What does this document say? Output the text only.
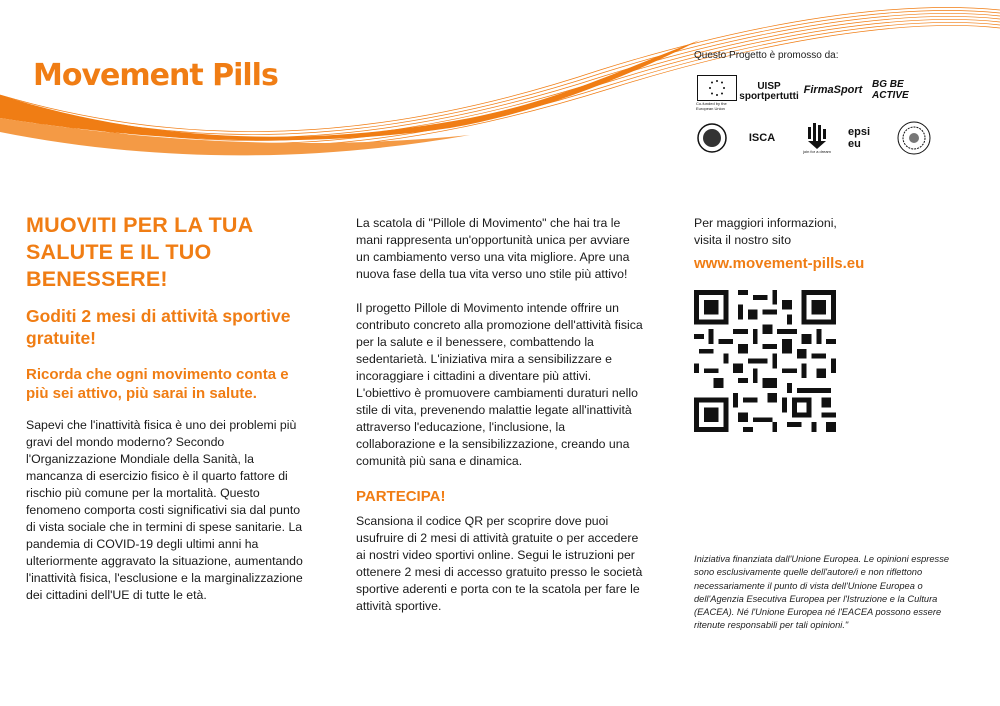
Movement Pills
Questo Progetto è promosso da:
Co-funded by the European Union
UISP sportpertutti
FirmaSport BG BE ACTIVE
ISCA
join for a dream
epsi eu
MUOVITI PER LA TUA SALUTE E IL TUO BENESSERE!
Goditi 2 mesi di attività sportive gratuite!
Ricorda che ogni movimento conta e più sei attivo, più sarai in salute.

Sapevi che l'inattività fisica è uno dei problemi più gravi del mondo moderno? Secondo l'Organizzazione Mondiale della Sanità, la mancanza di esercizio fisico è il quarto fattore di rischio più comune per la mortalità. Questo fenomeno comporta costi significativi sia dal punto di vista sociale che in termini di spese sanitarie. La pandemia di COVID-19 degli ultimi anni ha ulteriormente aggravato la situazione, aumentando l'inattività fisica, l'esclusione e la marginalizzazione dei cittadini dell'UE di tutte le età.

La scatola di "Pillole di Movimento" che hai tra le mani rappresenta un'opportunità unica per avviare un cambiamento verso una vita migliore. Apre una nuova fase della tua vita verso uno stile più attivo!

Il progetto Pillole di Movimento intende offrire un contributo concreto alla promozione dell'attività fisica per la salute e il benessere, combattendo la sedentarietà. L'iniziativa mira a sensibilizzare e incoraggiare i cittadini a diventare più attivi. L'obiettivo è promuovere cambiamenti duraturi nello stile di vita, prevenendo malattie legate all'inattività attraverso l'educazione, l'inclusione, la collaborazione e la sensibilizzazione, creando una comunità più sana e dinamica.

PARTECIPA!

Scansiona il codice QR per scoprire dove puoi usufruire di 2 mesi di attività gratuite o per accedere ai nostri video sportivi online. Segui le istruzioni per ottenere 2 mesi di accesso gratuito presso le società sportive aderenti e porta con te la scatola per fare le attività sportive.

Per maggiori informazioni,

visita il nostro sito

www.movement-pills.eu

Iniziativa finanziata dall'Unione Europea. Le opinioni espresse sono esclusivamente quelle dell'autore/i e non riflettono necessariamente il punto di vista dell'Unione Europea o dell'Agenzia Esecutiva Europea per l'Istruzione e la Cultura (EACEA). Né l'Unione Europea né l'EACEA possono essere ritenute responsabili per tali opinioni."
